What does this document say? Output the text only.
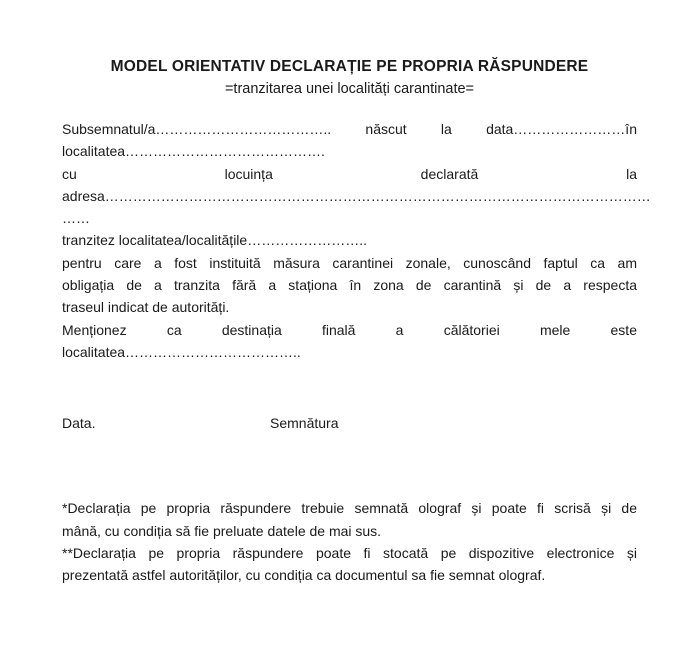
MODEL ORIENTATIV DECLARAȚIE PE PROPRIA RĂSPUNDERE
=tranzitarea unei localități carantinate=
Subsemnatul/a……………………………….. născut la data……………………în
localitatea…………………………………….
cu locuința declarată la
adresa………………………………………………………………………………………………………
……
tranzitez localitatea/localitățile……………………..
pentru care a fost instituită măsura carantinei zonale, cunoscând faptul ca am
obligația de a tranzita fără a staționa în zona de carantină și de a respecta
traseul indicat de autorități.
Menționez ca destinația finală a călătoriei mele este
localitatea………………………………..
Data.	Semnătura
*Declarația pe propria răspundere trebuie semnată olograf și poate fi scrisă și de
mână, cu condiția să fie preluate datele de mai sus.
**Declarația pe propria răspundere poate fi stocată pe dispozitive electronice și
prezentată astfel autorităților, cu condiția ca documentul sa fie semnat olograf.
